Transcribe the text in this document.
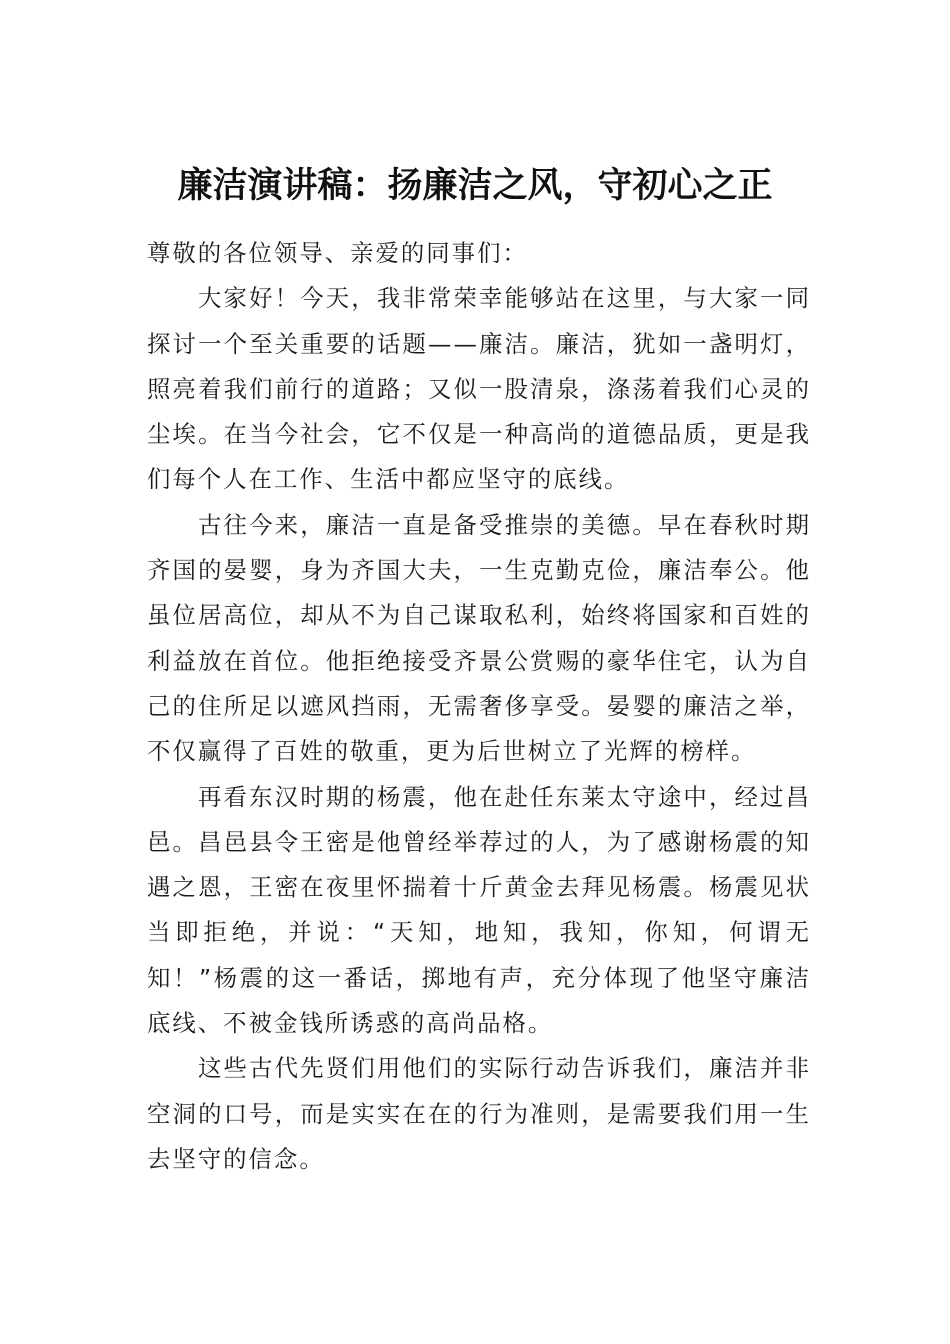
廉洁演讲稿：扬廉洁之风，守初心之正

尊敬的各位领导、亲爱的同事们：

大家好！今天，我非常荣幸能够站在这里，与大家一同探讨一个至关重要的话题——廉洁。廉洁，犹如一盏明灯，照亮着我们前行的道路；又似一股清泉，涤荡着我们心灵的尘埃。在当今社会，它不仅是一种高尚的道德品质，更是我们每个人在工作、生活中都应坚守的底线。

古往今来，廉洁一直是备受推崇的美德。早在春秋时期齐国的晏婴，身为齐国大夫，一生克勤克俭，廉洁奉公。他虽位居高位，却从不为自己谋取私利，始终将国家和百姓的利益放在首位。他拒绝接受齐景公赏赐的豪华住宅，认为自己的住所足以遮风挡雨，无需奢侈享受。晏婴的廉洁之举，不仅赢得了百姓的敬重，更为后世树立了光辉的榜样。

再看东汉时期的杨震，他在赴任东莱太守途中，经过昌邑。昌邑县令王密是他曾经举荐过的人，为了感谢杨震的知遇之恩，王密在夜里怀揣着十斤黄金去拜见杨震。杨震见状当即拒绝，并说：“天知，地知，我知，你知，何谓无知！”杨震的这一番话，掷地有声，充分体现了他坚守廉洁底线、不被金钱所诱惑的高尚品格。

这些古代先贤们用他们的实际行动告诉我们，廉洁并非空洞的口号，而是实实在在的行为准则，是需要我们用一生去坚守的信念。
